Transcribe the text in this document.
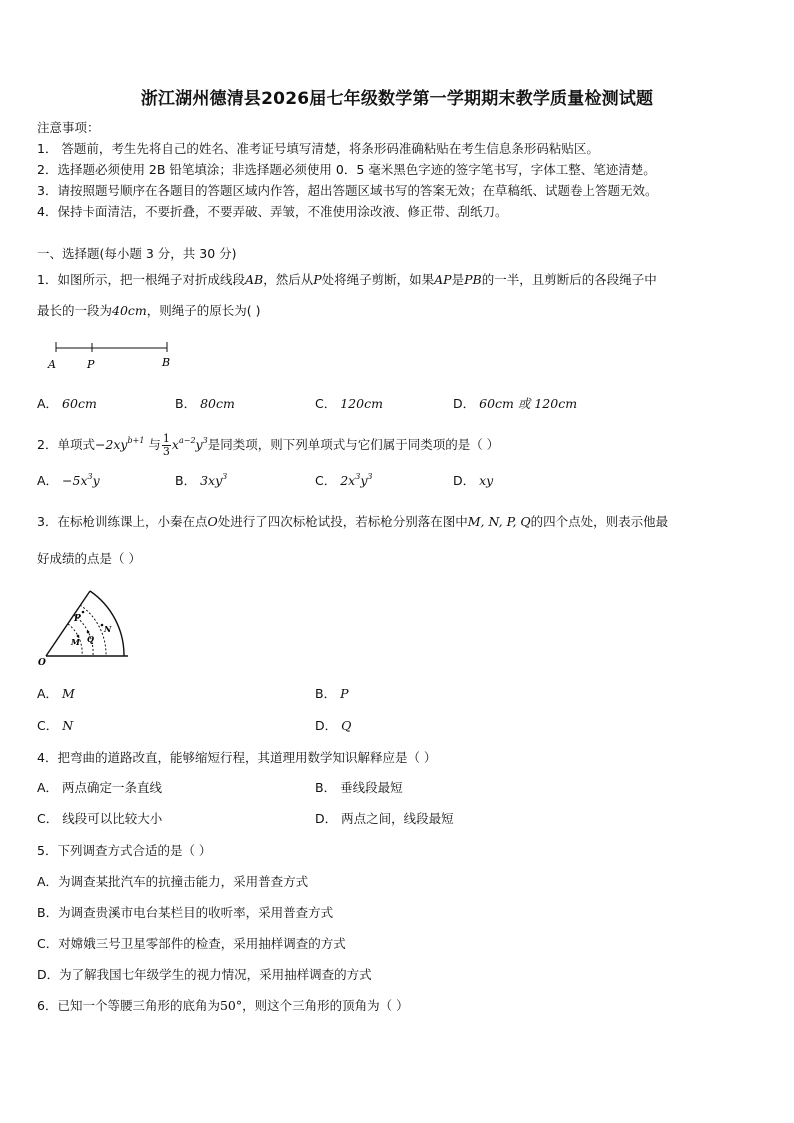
浙江湖州德清县2026届七年级数学第一学期期末教学质量检测试题
注意事项：
1． 答题前，考生先将自己的姓名、准考证号填写清楚，将条形码准确粘贴在考生信息条形码粘贴区。
2．选择题必须使用 2B 铅笔填涂；非选择题必须使用 0．5 毫米黑色字迹的签字笔书写，字体工整、笔迹清楚。
3．请按照题号顺序在各题目的答题区域内作答，超出答题区域书写的答案无效；在草稿纸、试题卷上答题无效。
4．保持卡面清洁，不要折叠，不要弄破、弄皱，不准使用涂改液、修正带、刮纸刀。
一、选择题(每小题 3 分，共 30 分)
1．如图所示，把一根绳子对折成线段AB，然后从P处将绳子剪断，如果AP是PB的一半，且剪断后的各段绳子中
最长的一段为40cm，则绳子的原长为( )
A	P	B
A． 60cm	B． 80cm	C． 120cm	D． 60cm 或 120cm
2．单项式$-2xy^{b+1}$ 与 $\frac{1}{3} x^{a-2}y^3$是同类项，则下列单项式与它们属于同类项的是（ ）
A． $-5x^3y$	B． $3xy^3$	C． $2x^3y^3$	D． xy
3．在标枪训练课上，小秦在点O处进行了四次标枪试投，若标枪分别落在图中M, N, P, Q的四个点处，则表示他最
好成绩的点是（ ）
O
P
N
M Q
A． M	B． P
C． N	D． Q
4．把弯曲的道路改直，能够缩短行程，其道理用数学知识解释应是（ ）
A． 两点确定一条直线	B． 垂线段最短
C． 线段可以比较大小	D． 两点之间，线段最短
5．下列调查方式合适的是（ ）
A．为调查某批汽车的抗撞击能力，采用普查方式
B．为调查贵溪市电台某栏目的收听率，采用普查方式
C．对嫦娥三号卫星零部件的检查，采用抽样调查的方式
D．为了解我国七年级学生的视力情况，采用抽样调查的方式
6．已知一个等腰三角形的底角为50°，则这个三角形的顶角为（ ）
